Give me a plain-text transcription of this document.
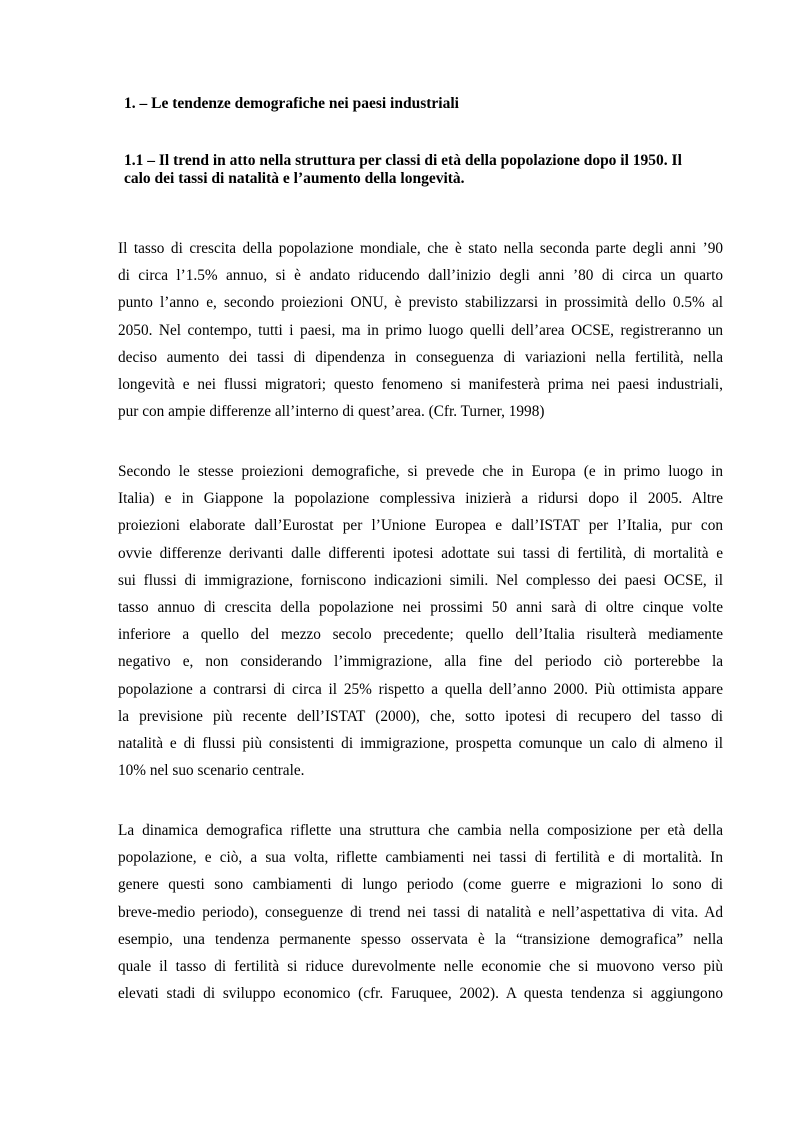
1. – Le tendenze demografiche nei paesi industriali
1.1 – Il trend in atto nella struttura per classi di età della popolazione dopo il 1950. Il
calo dei tassi di natalità e l’aumento della longevità.
Il tasso di crescita della popolazione mondiale, che è stato nella seconda parte degli anni ’90
di circa l’1.5% annuo, si è andato riducendo dall’inizio degli anni ’80 di circa un quarto
punto l’anno e, secondo proiezioni ONU, è previsto stabilizzarsi in prossimità dello 0.5% al
2050. Nel contempo, tutti i paesi, ma in primo luogo quelli dell’area OCSE, registreranno un
deciso aumento dei tassi di dipendenza in conseguenza di variazioni nella fertilità, nella
longevità e nei flussi migratori; questo fenomeno si manifesterà prima nei paesi industriali,
pur con ampie differenze all’interno di quest’area. (Cfr. Turner, 1998)
Secondo le stesse proiezioni demografiche, si prevede che in Europa (e in primo luogo in
Italia) e in Giappone la popolazione complessiva inizierà a ridursi dopo il 2005. Altre
proiezioni elaborate dall’Eurostat per l’Unione Europea e dall’ISTAT per l’Italia, pur con
ovvie differenze derivanti dalle differenti ipotesi adottate sui tassi di fertilità, di mortalità e
sui flussi di immigrazione, forniscono indicazioni simili. Nel complesso dei paesi OCSE, il
tasso annuo di crescita della popolazione nei prossimi 50 anni sarà di oltre cinque volte
inferiore a quello del mezzo secolo precedente; quello dell’Italia risulterà mediamente
negativo e, non considerando l’immigrazione, alla fine del periodo ciò porterebbe la
popolazione a contrarsi di circa il 25% rispetto a quella dell’anno 2000. Più ottimista appare
la previsione più recente dell’ISTAT (2000), che, sotto ipotesi di recupero del tasso di
natalità e di flussi più consistenti di immigrazione, prospetta comunque un calo di almeno il
10% nel suo scenario centrale.
La dinamica demografica riflette una struttura che cambia nella composizione per età della
popolazione, e ciò, a sua volta, riflette cambiamenti nei tassi di fertilità e di mortalità. In
genere questi sono cambiamenti di lungo periodo (come guerre e migrazioni lo sono di
breve-medio periodo), conseguenze di trend nei tassi di natalità e nell’aspettativa di vita. Ad
esempio, una tendenza permanente spesso osservata è la “transizione demografica” nella
quale il tasso di fertilità si riduce durevolmente nelle economie che si muovono verso più
elevati stadi di sviluppo economico (cfr. Faruquee, 2002). A questa tendenza si aggiungono
